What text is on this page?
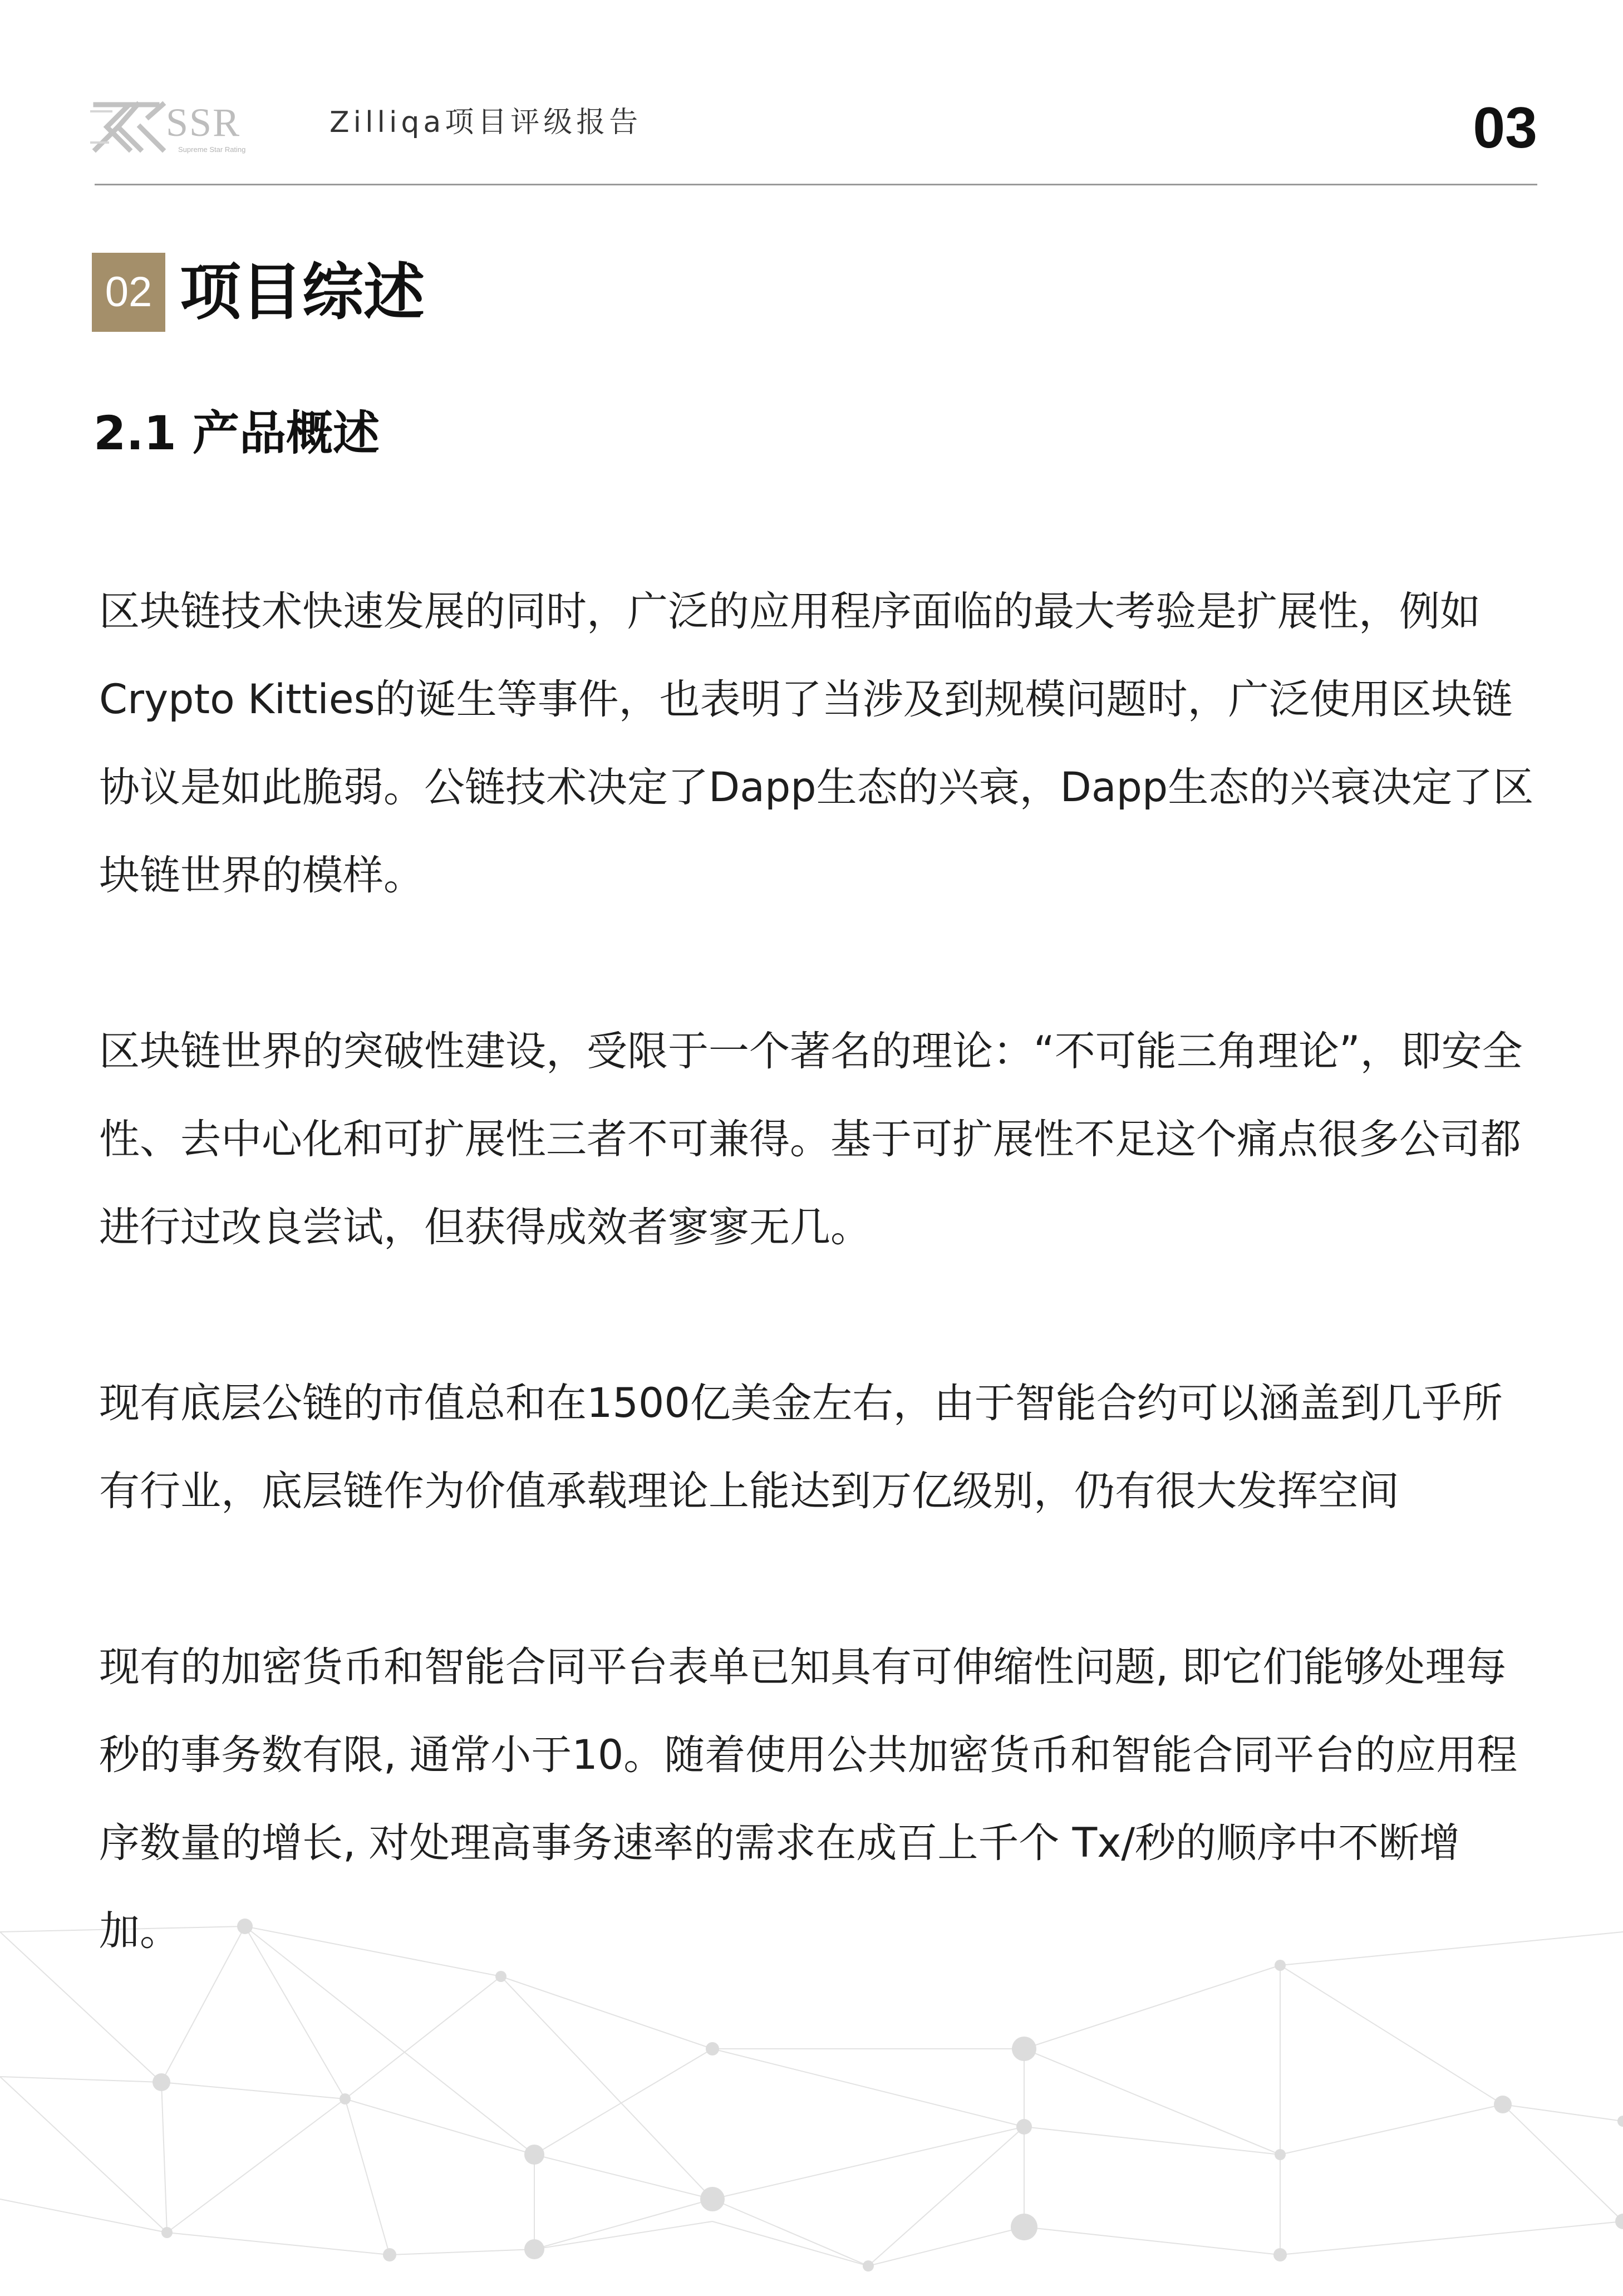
SSR
Supreme Star Rating
Zilliqa项目评级报告	03
02 项目综述
2.1 产品概述

区块链技术快速发展的同时，广泛的应用程序面临的最大考验是扩展性，例如Crypto Kitties的诞生等事件，也表明了当涉及到规模问题时，广泛使用区块链协议是如此脆弱。公链技术决定了Dapp生态的兴衰，Dapp生态的兴衰决定了区块链世界的模样。

区块链世界的突破性建设，受限于一个著名的理论：“不可能三角理论”，即安全性、去中心化和可扩展性三者不可兼得。基于可扩展性不足这个痛点很多公司都进行过改良尝试，但获得成效者寥寥无几。

现有底层公链的市值总和在1500亿美金左右，由于智能合约可以涵盖到几乎所有行业，底层链作为价值承载理论上能达到万亿级别，仍有很大发挥空间

现有的加密货币和智能合同平台表单已知具有可伸缩性问题, 即它们能够处理每秒的事务数有限, 通常小于10。随着使用公共加密货币和智能合同平台的应用程序数量的增长, 对处理高事务速率的需求在成百上千个 Tx/秒的顺序中不断增加。
